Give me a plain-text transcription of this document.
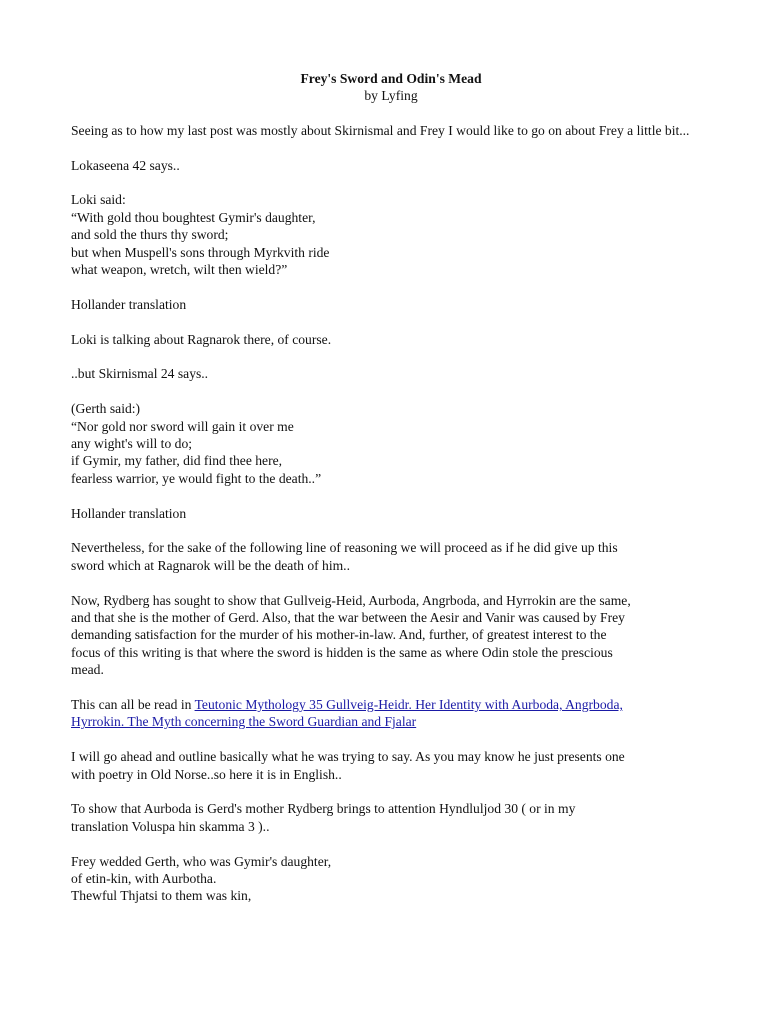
Frey's Sword and Odin's Mead

by Lyfing

Seeing as to how my last post was mostly about Skirnismal and Frey I would like to go on about Frey a little bit...

Lokaseena 42 says..

Loki said:
“With gold thou boughtest Gymir's daughter,
and sold the thurs thy sword;
but when Muspell's sons through Myrkvith ride
what weapon, wretch, wilt then wield?”

Hollander translation

Loki is talking about Ragnarok there, of course.

..but Skirnismal 24 says..

(Gerth said:)
“Nor gold nor sword will gain it over me
any wight's will to do;
if Gymir, my father, did find thee here,
fearless warrior, ye would fight to the death..”

Hollander translation

Nevertheless, for the sake of the following line of reasoning we will proceed as if he did give up this
sword which at Ragnarok will be the death of him..
Now, Rydberg has sought to show that Gullveig-Heid, Aurboda, Angrboda, and Hyrrokin are the same,
and that she is the mother of Gerd. Also, that the war between the Aesir and Vanir was caused by Frey
demanding satisfaction for the murder of his mother-in-law. And, further, of greatest interest to the
focus of this writing is that where the sword is hidden is the same as where Odin stole the prescious
mead.
This can all be read in Teutonic Mythology 35 Gullveig-Heidr. Her Identity with Aurboda, Angrboda,
Hyrrokin. The Myth concerning the Sword Guardian and Fjalar
I will go ahead and outline basically what he was trying to say. As you may know he just presents one
with poetry in Old Norse..so here it is in English..
To show that Aurboda is Gerd's mother Rydberg brings to attention Hyndluljod 30 ( or in my
translation Voluspa hin skamma 3 )..
Frey wedded Gerth, who was Gymir's daughter,
of etin-kin, with Aurbotha.
Thewful Thjatsi to them was kin,
